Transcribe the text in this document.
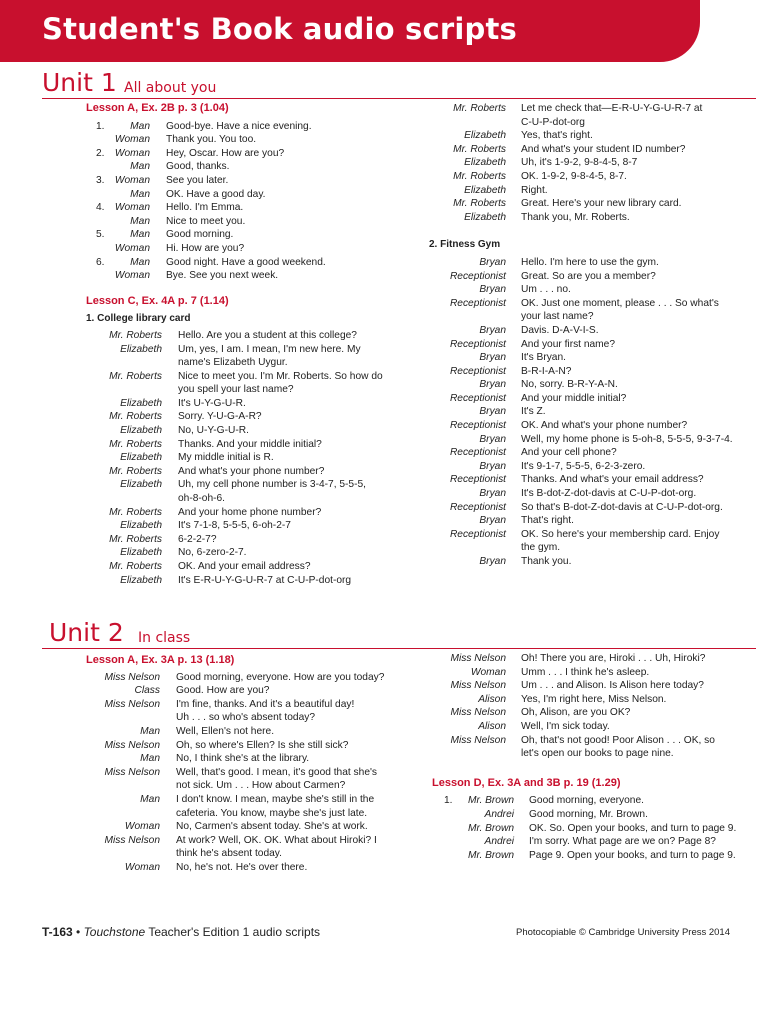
Student's Book audio scripts
Unit 1 All about you
Lesson A, Ex. 2B p. 3 (1.04)
1.	Man Good-bye. Have a nice evening.
Woman Thank you. You too.
2.	Woman Hey, Oscar. How are you?
Man Good, thanks.
3.	Woman See you later.
Man OK. Have a good day.
4.	Woman Hello. I'm Emma.
Man Nice to meet you.
5.	Man Good morning.
Woman Hi. How are you?
6.	Man Good night. Have a good weekend.
Woman Bye. See you next week.
Lesson C, Ex. 4A p. 7 (1.14)
1. College library card
Mr. Roberts Hello. Are you a student at this college?
Elizabeth Um, yes, I am. I mean, I'm new here. My
name's Elizabeth Uygur.
Mr. Roberts Nice to meet you. I'm Mr. Roberts. So how do
you spell your last name?
Elizabeth It's U-Y-G-U-R.
Mr. Roberts Sorry. Y-U-G-A-R?
Elizabeth No, U-Y-G-U-R.
Mr. Roberts Thanks. And your middle initial?
Elizabeth My middle initial is R.
Mr. Roberts And what's your phone number?
Elizabeth Uh, my cell phone number is 3-4-7, 5-5-5,
oh-8-oh-6.
Mr. Roberts And your home phone number?
Elizabeth It's 7-1-8, 5-5-5, 6-oh-2-7
Mr. Roberts 6-2-2-7?
Elizabeth No, 6-zero-2-7.
Mr. Roberts OK. And your email address?
Elizabeth It's E-R-U-Y-G-U-R-7 at C-U-P-dot-org
Mr. Roberts Let me check that—E-R-U-Y-G-U-R-7 at
C-U-P-dot-org
Elizabeth Yes, that's right.
Mr. Roberts And what's your student ID number?
Elizabeth Uh, it's 1-9-2, 9-8-4-5, 8-7
Mr. Roberts OK. 1-9-2, 9-8-4-5, 8-7.
Elizabeth Right.
Mr. Roberts Great. Here's your new library card.
Elizabeth Thank you, Mr. Roberts.
2. Fitness Gym
Bryan Hello. I'm here to use the gym.
Receptionist Great. So are you a member?
Bryan Um . . . no.
Receptionist OK. Just one moment, please . . . So what's
your last name?
Bryan Davis. D-A-V-I-S.
Receptionist And your first name?
Bryan It's Bryan.
Receptionist B-R-I-A-N?
Bryan No, sorry. B-R-Y-A-N.
Receptionist And your middle initial?
Bryan It's Z.
Receptionist OK. And what's your phone number?
Bryan Well, my home phone is 5-oh-8, 5-5-5, 9-3-7-4.
Receptionist And your cell phone?
Bryan It's 9-1-7, 5-5-5, 6-2-3-zero.
Receptionist Thanks. And what's your email address?
Bryan It's B-dot-Z-dot-davis at C-U-P-dot-org.
Receptionist So that's B-dot-Z-dot-davis at C-U-P-dot-org.
Bryan That's right.
Receptionist OK. So here's your membership card. Enjoy
the gym.
Bryan Thank you.
Unit 2 In class
Lesson A, Ex. 3A p. 13 (1.18)
Miss Nelson Good morning, everyone. How are you today?
Class Good. How are you?
Miss Nelson I'm fine, thanks. And it's a beautiful day!
Uh . . . so who's absent today?
Man Well, Ellen's not here.
Miss Nelson Oh, so where's Ellen? Is she still sick?
Man No, I think she's at the library.
Miss Nelson Well, that's good. I mean, it's good that she's
not sick. Um . . . How about Carmen?
Man I don't know. I mean, maybe she's still in the
cafeteria. You know, maybe she's just late.
Woman No, Carmen's absent today. She's at work.
Miss Nelson At work? Well, OK. OK. What about Hiroki? I
think he's absent today.
Woman No, he's not. He's over there.
Miss Nelson Oh! There you are, Hiroki . . . Uh, Hiroki?
Woman Umm . . . I think he's asleep.
Miss Nelson Um . . . and Alison. Is Alison here today?
Alison Yes, I'm right here, Miss Nelson.
Miss Nelson Oh, Alison, are you OK?
Alison Well, I'm sick today.
Miss Nelson Oh, that's not good! Poor Alison . . . OK, so
let's open our books to page nine.
Lesson D, Ex. 3A and 3B p. 19 (1.29)
1.	Mr. Brown Good morning, everyone.
Andrei Good morning, Mr. Brown.
Mr. Brown OK. So. Open your books, and turn to page 9.
Andrei I'm sorry. What page are we on? Page 8?
Mr. Brown Page 9. Open your books, and turn to page 9.
T-163 • Touchstone Teacher's Edition 1 audio scripts	Photocopiable © Cambridge University Press 2014
